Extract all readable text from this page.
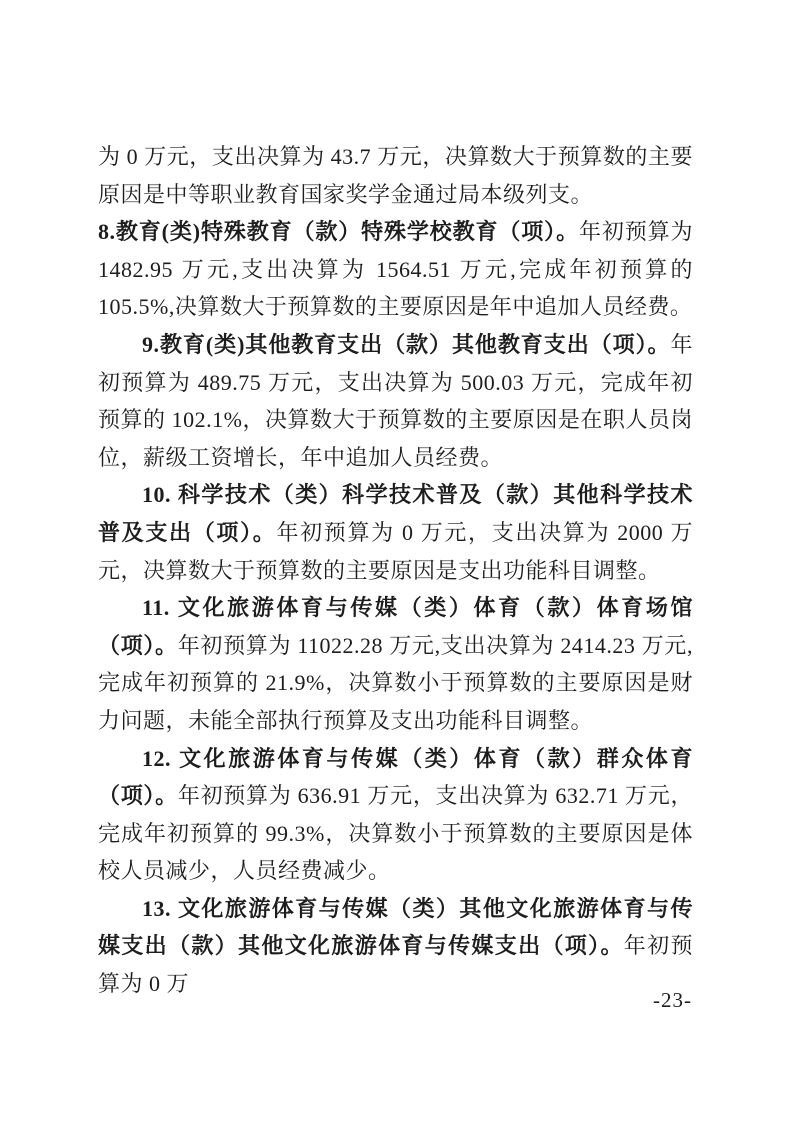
为 0 万元，支出决算为 43.7 万元，决算数大于预算数的主要原因是中等职业教育国家奖学金通过局本级列支。

8.教育(类)特殊教育（款）特殊学校教育（项）。年初预算为 1482.95 万元,支出决算为 1564.51 万元,完成年初预算的 105.5%,决算数大于预算数的主要原因是年中追加人员经费。

9.教育(类)其他教育支出（款）其他教育支出（项）。年初预算为 489.75 万元，支出决算为 500.03 万元，完成年初预算的 102.1%，决算数大于预算数的主要原因是在职人员岗位，薪级工资增长，年中追加人员经费。

10. 科学技术（类）科学技术普及（款）其他科学技术普及支出（项）。年初预算为 0 万元，支出决算为 2000 万元，决算数大于预算数的主要原因是支出功能科目调整。

11. 文化旅游体育与传媒（类）体育（款）体育场馆（项）。年初预算为 11022.28 万元,支出决算为 2414.23 万元,完成年初预算的 21.9%，决算数小于预算数的主要原因是财力问题，未能全部执行预算及支出功能科目调整。

12. 文化旅游体育与传媒（类）体育（款）群众体育（项）。年初预算为 636.91 万元，支出决算为 632.71 万元，完成年初预算的 99.3%，决算数小于预算数的主要原因是体校人员减少，人员经费减少。

13. 文化旅游体育与传媒（类）其他文化旅游体育与传媒支出（款）其他文化旅游体育与传媒支出（项）。年初预算为 0 万

-23-
